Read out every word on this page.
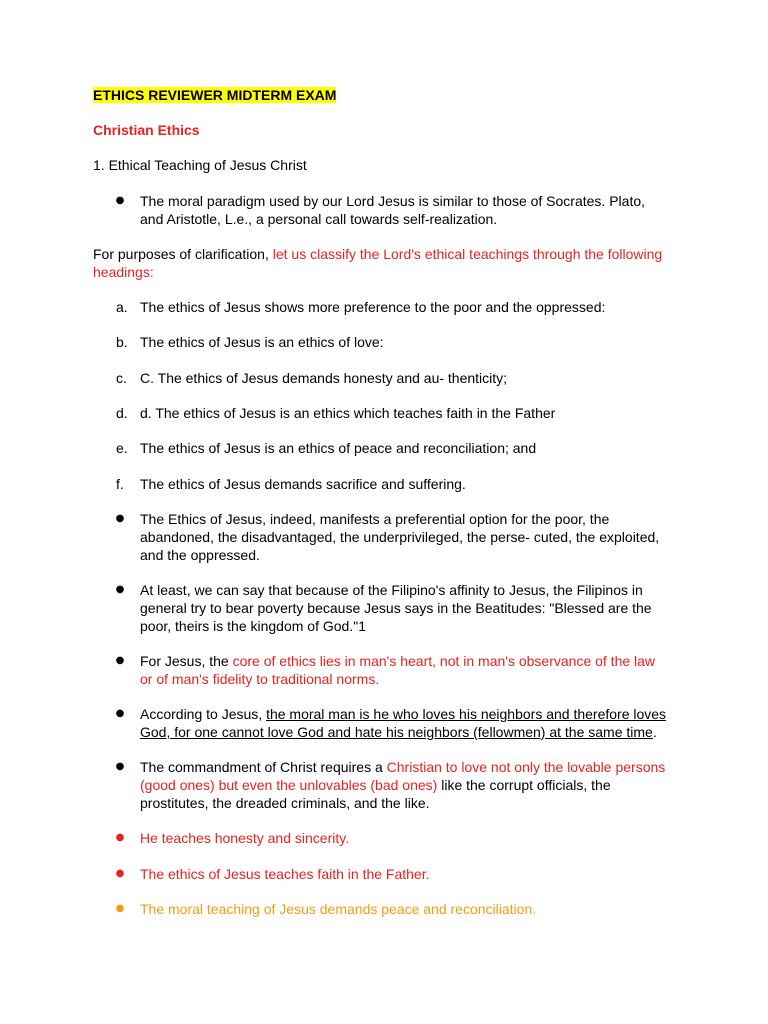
ETHICS REVIEWER MIDTERM EXAM
Christian Ethics
1. Ethical Teaching of Jesus Christ
● The moral paradigm used by our Lord Jesus is similar to those of Socrates. Plato,
and Aristotle, L.e., a personal call towards self-realization.
For purposes of clarification, let us classify the Lord's ethical teachings through the following
headings:
a. The ethics of Jesus shows more preference to the poor and the oppressed:
b. The ethics of Jesus is an ethics of love:
c. C. The ethics of Jesus demands honesty and au- thenticity;
d. d. The ethics of Jesus is an ethics which teaches faith in the Father
e. The ethics of Jesus is an ethics of peace and reconciliation; and
f. The ethics of Jesus demands sacrifice and suffering.
● The Ethics of Jesus, indeed, manifests a preferential option for the poor, the
abandoned, the disadvantaged, the underprivileged, the perse- cuted, the exploited,
and the oppressed.
● At least, we can say that because of the Filipino's affinity to Jesus, the Filipinos in
general try to bear poverty because Jesus says in the Beatitudes: "Blessed are the
poor, theirs is the kingdom of God."1
● For Jesus, the core of ethics lies in man's heart, not in man's observance of the law
or of man's fidelity to traditional norms.
● According to Jesus, the moral man is he who loves his neighbors and therefore loves
God, for one cannot love God and hate his neighbors (fellowmen) at the same time.
● The commandment of Christ requires a Christian to love not only the lovable persons
(good ones) but even the unlovables (bad ones) like the corrupt officials, the
prostitutes, the dreaded criminals, and the like.
● He teaches honesty and sincerity.
● The ethics of Jesus teaches faith in the Father.
● The moral teaching of Jesus demands peace and reconciliation.
